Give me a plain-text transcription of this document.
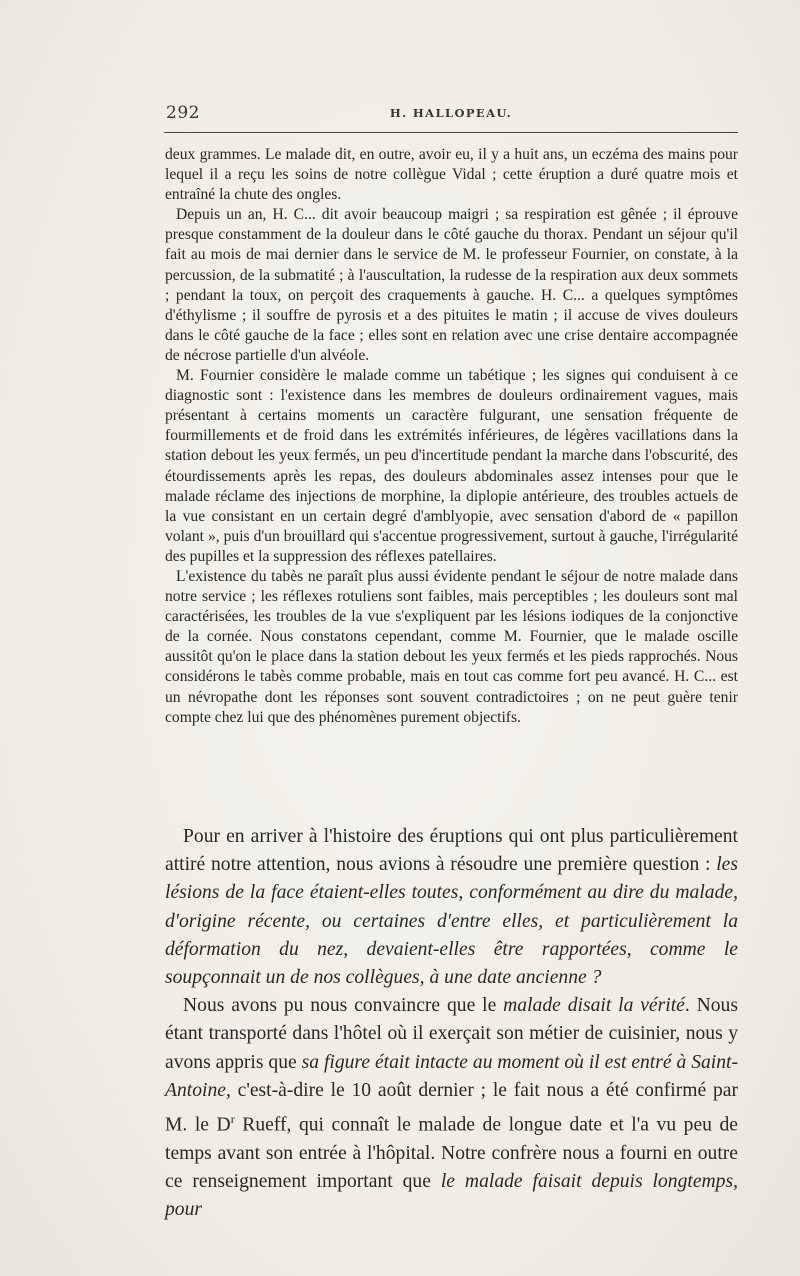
292	H. HALLOPEAU.

deux grammes. Le malade dit, en outre, avoir eu, il y a huit ans, un eczéma des mains pour lequel il a reçu les soins de notre collègue Vidal ; cette éruption a duré quatre mois et entraîné la chute des ongles.

Depuis un an, H. C... dit avoir beaucoup maigri ; sa respiration est gênée ; il éprouve presque constamment de la douleur dans le côté gauche du thorax. Pendant un séjour qu'il fait au mois de mai dernier dans le service de M. le professeur Fournier, on constate, à la percussion, de la submatité ; à l'auscultation, la rudesse de la respiration aux deux sommets ; pendant la toux, on perçoit des craquements à gauche. H. C... a quelques symptômes d'éthylisme ; il souffre de pyrosis et a des pituites le matin ; il accuse de vives douleurs dans le côté gauche de la face ; elles sont en relation avec une crise dentaire accompagnée de nécrose partielle d'un alvéole.

M. Fournier considère le malade comme un tabétique ; les signes qui conduisent à ce diagnostic sont : l'existence dans les membres de douleurs ordinairement vagues, mais présentant à certains moments un caractère fulgurant, une sensation fréquente de fourmillements et de froid dans les extrémités inférieures, de légères vacillations dans la station debout les yeux fermés, un peu d'incertitude pendant la marche dans l'obscurité, des étourdissements après les repas, des douleurs abdominales assez intenses pour que le malade réclame des injections de morphine, la diplopie antérieure, des troubles actuels de la vue consistant en un certain degré d'amblyopie, avec sensation d'abord de « papillon volant », puis d'un brouillard qui s'accentue progressivement, surtout à gauche, l'irrégularité des pupilles et la suppression des réflexes patellaires.

L'existence du tabès ne paraît plus aussi évidente pendant le séjour de notre malade dans notre service ; les réflexes rotuliens sont faibles, mais perceptibles ; les douleurs sont mal caractérisées, les troubles de la vue s'expliquent par les lésions iodiques de la conjonctive de la cornée. Nous constatons cependant, comme M. Fournier, que le malade oscille aussitôt qu'on le place dans la station debout les yeux fermés et les pieds rapprochés. Nous considérons le tabès comme probable, mais en tout cas comme fort peu avancé. H. C... est un névropathe dont les réponses sont souvent contradictoires ; on ne peut guère tenir compte chez lui que des phénomènes purement objectifs.

Pour en arriver à l'histoire des éruptions qui ont plus particulièrement attiré notre attention, nous avions à résoudre une première question : les lésions de la face étaient-elles toutes, conformément au dire du malade, d'origine récente, ou certaines d'entre elles, et particulièrement la déformation du nez, devaient-elles être rapportées, comme le soupçonnait un de nos collègues, à une date ancienne ?

Nous avons pu nous convaincre que le malade disait la vérité. Nous étant transporté dans l'hôtel où il exerçait son métier de cuisinier, nous y avons appris que sa figure était intacte au moment où il est entré à Saint-Antoine, c'est-à-dire le 10 août dernier ; le fait nous a été confirmé par M. le $D^r$ Rueff, qui connaît le malade de longue date et l'a vu peu de temps avant son entrée à l'hôpital. Notre confrère nous a fourni en outre ce renseignement important que le malade faisait depuis longtemps, pour
